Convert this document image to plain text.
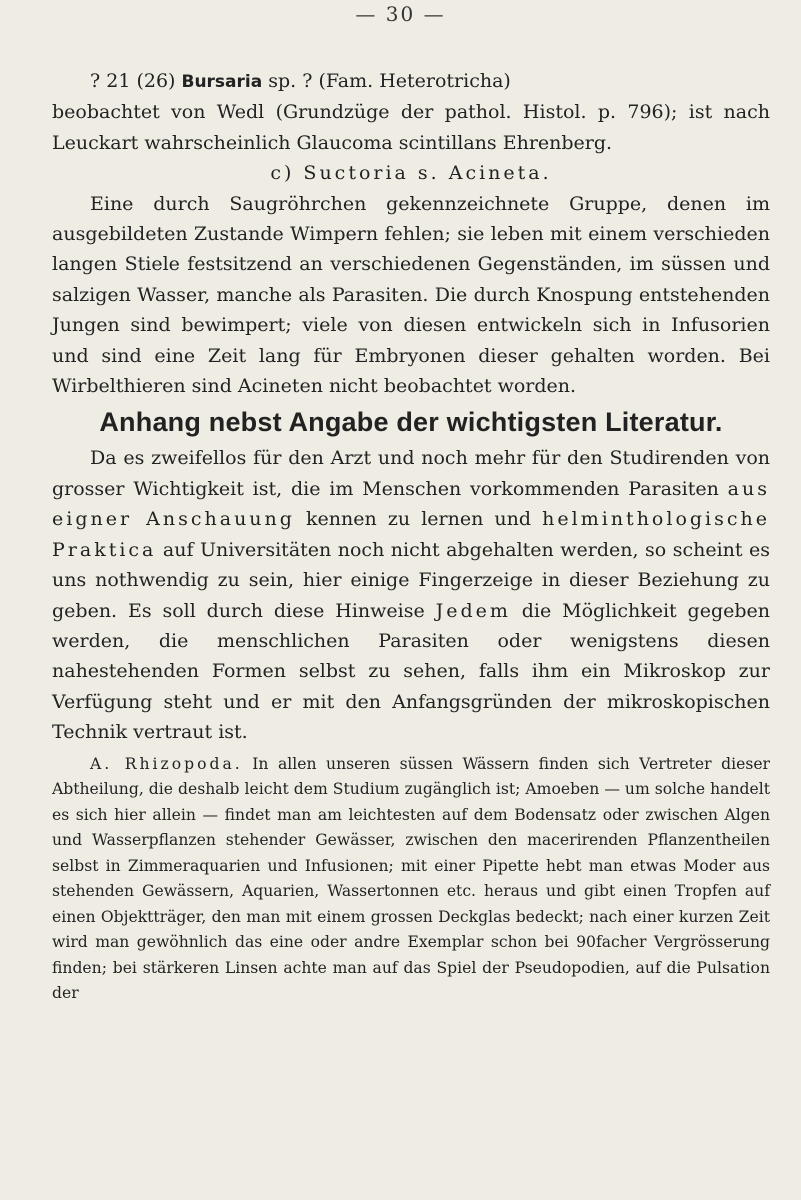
— 30 —

? 21 (26) Bursaria sp. ? (Fam. Heterotricha)
beobachtet von Wedl (Grundzüge der pathol. Histol. p. 796); ist nach Leuckart wahrscheinlich Glaucoma scintillans Ehrenberg.

c) Suctoria s. Acineta.

Eine durch Saugröhrchen gekennzeichnete Gruppe, denen im ausgebildeten Zustande Wimpern fehlen; sie leben mit einem verschieden langen Stiele festsitzend an verschiedenen Gegenständen, im süssen und salzigen Wasser, manche als Parasiten. Die durch Knospung entstehenden Jungen sind bewimpert; viele von diesen entwickeln sich in Infusorien und sind eine Zeit lang für Embryonen dieser gehalten worden. Bei Wirbelthieren sind Acineten nicht beobachtet worden.

Anhang nebst Angabe der wichtigsten Literatur.

Da es zweifellos für den Arzt und noch mehr für den Studirenden von grosser Wichtigkeit ist, die im Menschen vorkommenden Parasiten aus eigner Anschauung kennen zu lernen und helminthologische Praktica auf Universitäten noch nicht abgehalten werden, so scheint es uns nothwendig zu sein, hier einige Fingerzeige in dieser Beziehung zu geben. Es soll durch diese Hinweise Jedem die Möglichkeit gegeben werden, die menschlichen Parasiten oder wenigstens diesen nahestehenden Formen selbst zu sehen, falls ihm ein Mikroskop zur Verfügung steht und er mit den Anfangsgründen der mikroskopischen Technik vertraut ist.

A. Rhizopoda. In allen unseren süssen Wässern finden sich Vertreter dieser Abtheilung, die deshalb leicht dem Studium zugänglich ist; Amoeben — um solche handelt es sich hier allein — findet man am leichtesten auf dem Bodensatz oder zwischen Algen und Wasserpflanzen stehender Gewässer, zwischen den macerirenden Pflanzentheilen selbst in Zimmeraquarien und Infusionen; mit einer Pipette hebt man etwas Moder aus stehenden Gewässern, Aquarien, Wassertonnen etc. heraus und gibt einen Tropfen auf einen Objektträger, den man mit einem grossen Deckglas bedeckt; nach einer kurzen Zeit wird man gewöhnlich das eine oder andre Exemplar schon bei 90facher Vergrösserung finden; bei stärkeren Linsen achte man auf das Spiel der Pseudopodien, auf die Pulsation der
